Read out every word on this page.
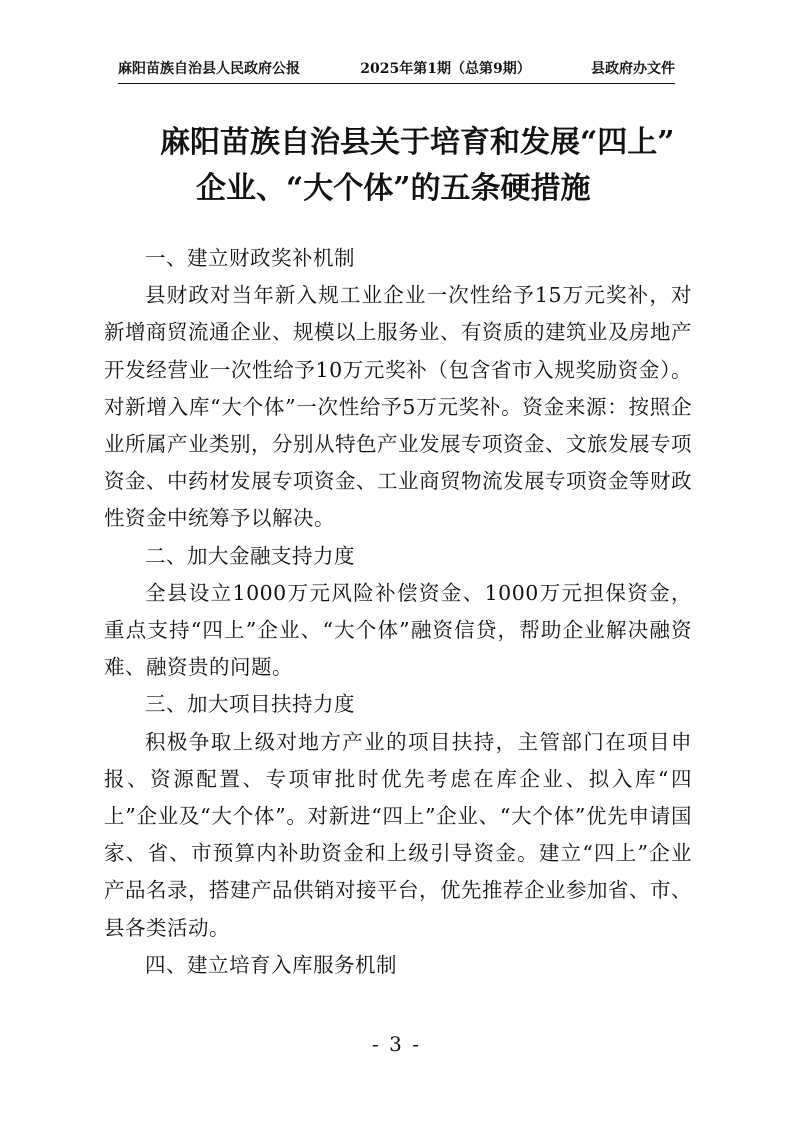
麻阳苗族自治县人民政府公报	2025年第1期（总第9期）	县政府办文件
麻阳苗族自治县关于培育和发展“四上”
企业、“大个体”的五条硬措施

一、建立财政奖补机制

县财政对当年新入规工业企业一次性给予15万元奖补，对新增商贸流通企业、规模以上服务业、有资质的建筑业及房地产开发经营业一次性给予10万元奖补（包含省市入规奖励资金）。对新增入库“大个体”一次性给予5万元奖补。资金来源：按照企业所属产业类别，分别从特色产业发展专项资金、文旅发展专项资金、中药材发展专项资金、工业商贸物流发展专项资金等财政性资金中统筹予以解决。

二、加大金融支持力度

全县设立1000万元风险补偿资金、1000万元担保资金，重点支持“四上”企业、“大个体”融资信贷，帮助企业解决融资难、融资贵的问题。

三、加大项目扶持力度

积极争取上级对地方产业的项目扶持，主管部门在项目申报、资源配置、专项审批时优先考虑在库企业、拟入库“四上”企业及“大个体”。对新进“四上”企业、“大个体”优先申请国家、省、市预算内补助资金和上级引导资金。建立“四上”企业产品名录，搭建产品供销对接平台，优先推荐企业参加省、市、县各类活动。

四、建立培育入库服务机制

- 3 -
